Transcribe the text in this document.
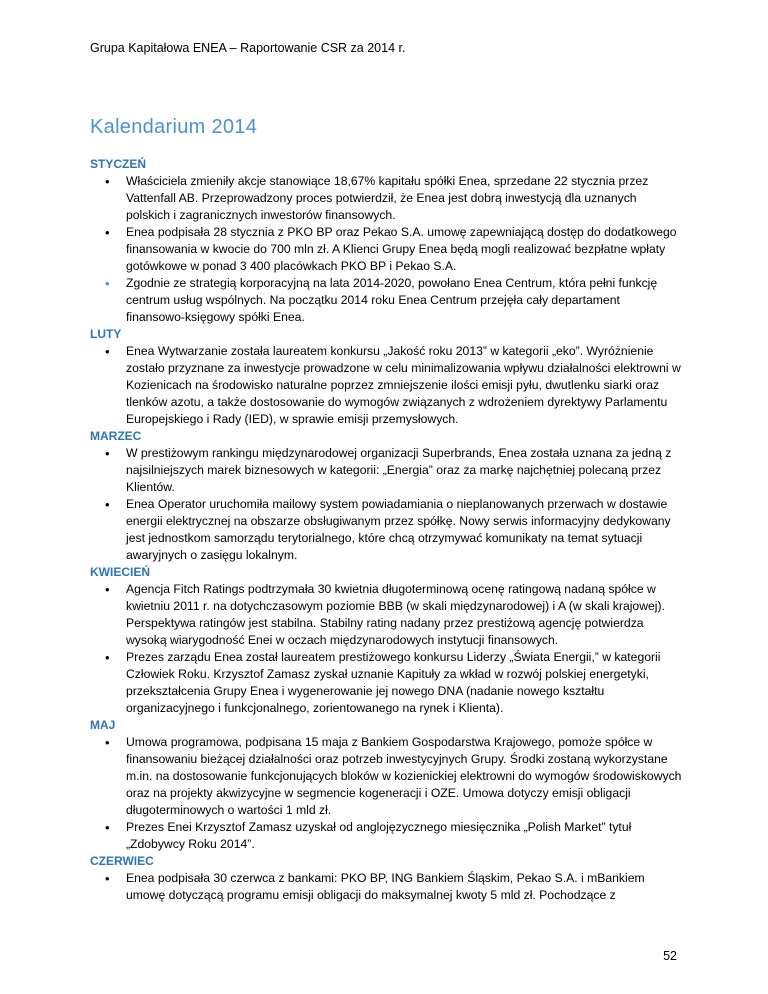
Grupa Kapitałowa ENEA – Raportowanie CSR za 2014 r.
Kalendarium 2014
STYCZEŃ
• Właściciela zmieniły akcje stanowiące 18,67% kapitału spółki Enea, sprzedane 22 stycznia przez Vattenfall AB. Przeprowadzony proces potwierdził, że Enea jest dobrą inwestycją dla uznanych polskich i zagranicznych inwestorów finansowych.
• Enea podpisała 28 stycznia z PKO BP oraz Pekao S.A. umowę zapewniającą dostęp do dodatkowego finansowania w kwocie do 700 mln zł. A Klienci Grupy Enea będą mogli realizować bezpłatne wpłaty gotówkowe w ponad 3 400 placówkach PKO BP i Pekao S.A.
• Zgodnie ze strategią korporacyjną na lata 2014-2020, powołano Enea Centrum, która pełni funkcję centrum usług wspólnych. Na początku 2014 roku Enea Centrum przejęła cały departament finansowo-księgowy spółki Enea.
LUTY
• Enea Wytwarzanie została laureatem konkursu „Jakość roku 2013” w kategorii „eko”. Wyróżnienie zostało przyznane za inwestycje prowadzone w celu minimalizowania wpływu działalności elektrowni w Kozienicach na środowisko naturalne poprzez zmniejszenie ilości emisji pyłu, dwutlenku siarki oraz tlenków azotu, a także dostosowanie do wymogów związanych z wdrożeniem dyrektywy Parlamentu Europejskiego i Rady (IED), w sprawie emisji przemysłowych.
MARZEC
• W prestiżowym rankingu międzynarodowej organizacji Superbrands, Enea została uznana za jedną z najsilniejszych marek biznesowych w kategorii: „Energia” oraz za markę najchętniej polecaną przez Klientów.
• Enea Operator uruchomiła mailowy system powiadamiania o nieplanowanych przerwach w dostawie energii elektrycznej na obszarze obsługiwanym przez spółkę. Nowy serwis informacyjny dedykowany jest jednostkom samorządu terytorialnego, które chcą otrzymywać komunikaty na temat sytuacji awaryjnych o zasięgu lokalnym.
KWIECIEŃ
• Agencja Fitch Ratings podtrzymała 30 kwietnia długoterminową ocenę ratingową nadaną spółce w kwietniu 2011 r. na dotychczasowym poziomie BBB (w skali międzynarodowej) i A (w skali krajowej). Perspektywa ratingów jest stabilna. Stabilny rating nadany przez prestiżową agencję potwierdza wysoką wiarygodność Enei w oczach międzynarodowych instytucji finansowych.
• Prezes zarządu Enea został laureatem prestiżowego konkursu Liderzy „Świata Energii,” w kategorii Człowiek Roku. Krzysztof Zamasz zyskał uznanie Kapituły za wkład w rozwój polskiej energetyki, przekształcenia Grupy Enea i wygenerowanie jej nowego DNA (nadanie nowego kształtu organizacyjnego i funkcjonalnego, zorientowanego na rynek i Klienta).
MAJ
• Umowa programowa, podpisana 15 maja z Bankiem Gospodarstwa Krajowego, pomoże spółce w finansowaniu bieżącej działalności oraz potrzeb inwestycyjnych Grupy. Środki zostaną wykorzystane m.in. na dostosowanie funkcjonujących bloków w kozienickiej elektrowni do wymogów środowiskowych oraz na projekty akwizycyjne w segmencie kogeneracji i OZE. Umowa dotyczy emisji obligacji długoterminowych o wartości 1 mld zł.
• Prezes Enei Krzysztof Zamasz uzyskał od anglojęzycznego miesięcznika „Polish Market” tytuł „Zdobywcy Roku 2014”.
CZERWIEC
• Enea podpisała 30 czerwca z bankami: PKO BP, ING Bankiem Śląskim, Pekao S.A. i mBankiem umowę dotyczącą programu emisji obligacji do maksymalnej kwoty 5 mld zł. Pochodzące z
52
